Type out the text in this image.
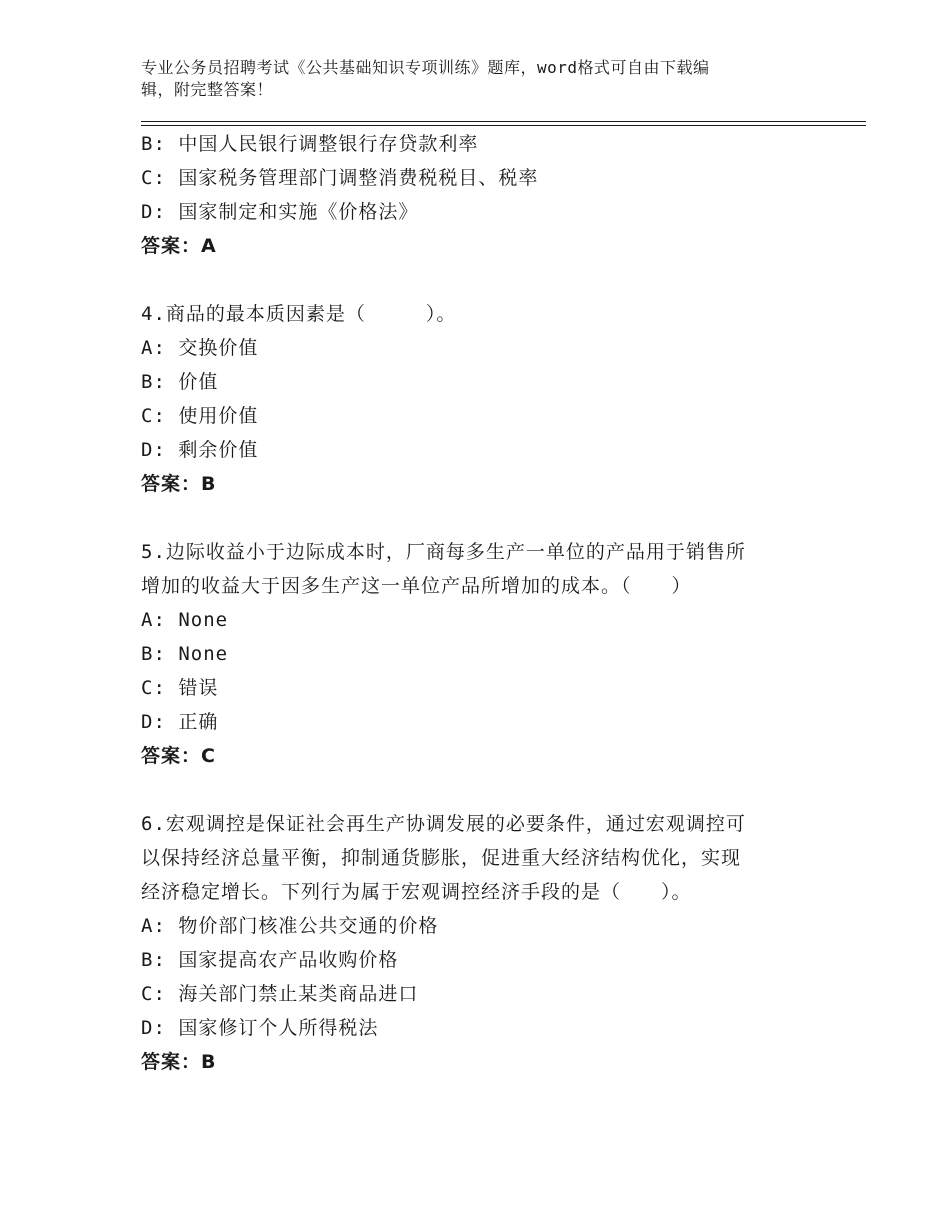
专业公务员招聘考试《公共基础知识专项训练》题库，word格式可自由下载编
辑，附完整答案！
B: 中国人民银行调整银行存贷款利率
C: 国家税务管理部门调整消费税税目、税率
D: 国家制定和实施《价格法》
答案：A
4.商品的最本质因素是（　　　）。
A: 交换价值
B: 价值
C: 使用价值
D: 剩余价值
答案：B
5.边际收益小于边际成本时，厂商每多生产一单位的产品用于销售所
增加的收益大于因多生产这一单位产品所增加的成本。（　　）
A: None
B: None
C: 错误
D: 正确
答案：C
6.宏观调控是保证社会再生产协调发展的必要条件，通过宏观调控可
以保持经济总量平衡，抑制通货膨胀，促进重大经济结构优化，实现
经济稳定增长。下列行为属于宏观调控经济手段的是（　　）。
A: 物价部门核准公共交通的价格
B: 国家提高农产品收购价格
C: 海关部门禁止某类商品进口
D: 国家修订个人所得税法
答案：B
